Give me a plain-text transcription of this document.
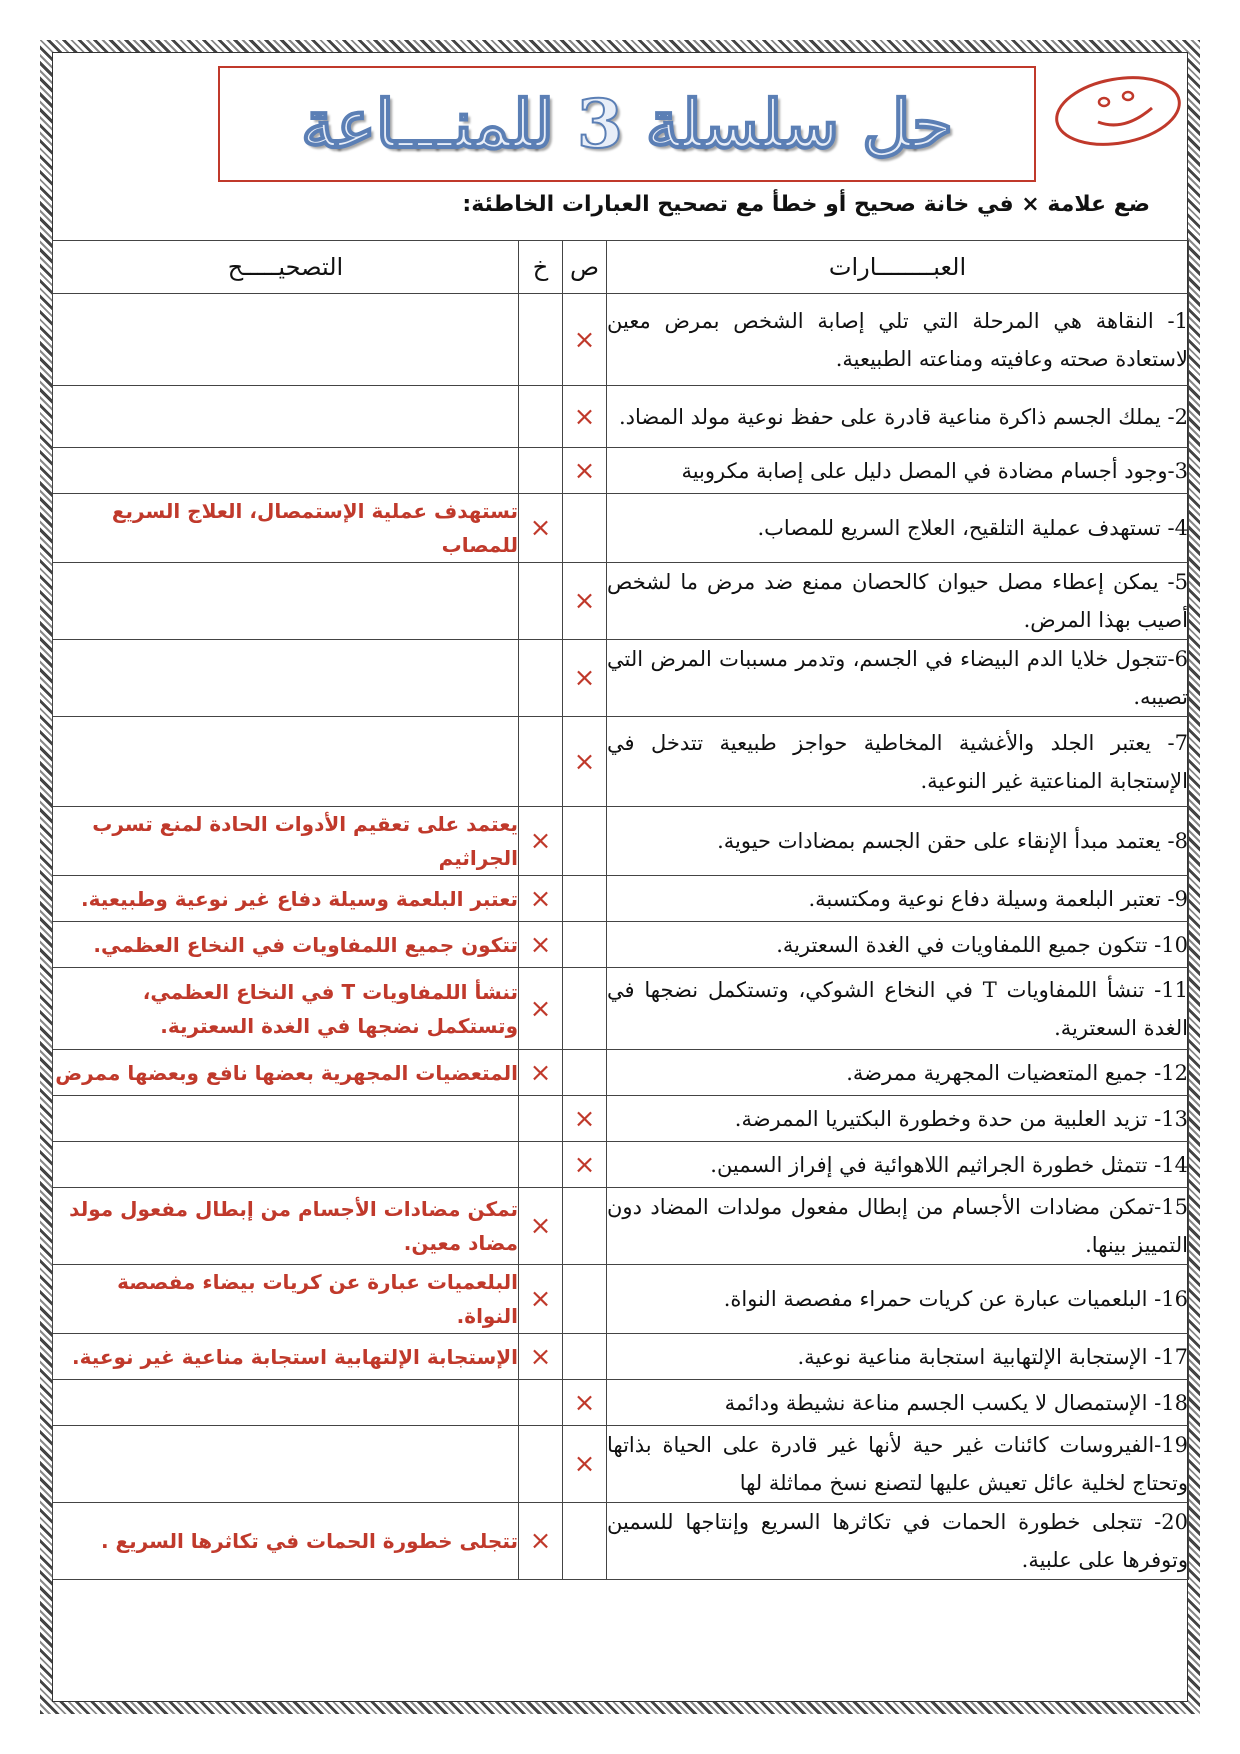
حل سلسلة 3 للمنـــاعة
ضع علامة × في خانة صحيح أو خطأ مع تصحيح العبارات الخاطئة:
العبــــــــارات	ص	خ	التصحيـــــح
1- النقاهة هي المرحلة التي تلي إصابة الشخص بمرض معين لاستعادة صحته وعافيته ومناعته الطبيعية.	×		
2- يملك الجسم ذاكرة مناعية قادرة على حفظ نوعية مولد المضاد.	×		
3-وجود أجسام مضادة في المصل دليل على إصابة مكروبية	×		
4- تستهدف عملية التلقيح، العلاج السريع للمصاب.		×	تستهدف عملية الإستمصال، العلاج السريع للمصاب
5- يمكن إعطاء مصل حيوان كالحصان ممنع ضد مرض ما لشخص أصيب بهذا المرض.	×		
6-تتجول خلايا الدم البيضاء في الجسم، وتدمر مسببات المرض التي تصيبه.	×		
7- يعتبر الجلد والأغشية المخاطية حواجز طبيعية تتدخل في الإستجابة المناعتية غير النوعية.	×		
8- يعتمد مبدأ الإنقاء على حقن الجسم بمضادات حيوية.		×	يعتمد على تعقيم الأدوات الحادة لمنع تسرب الجراثيم
9- تعتبر البلعمة وسيلة دفاع نوعية ومكتسبة.		×	تعتبر البلعمة وسيلة دفاع غير نوعية وطبيعية.
10- تتكون جميع اللمفاويات في الغدة السعترية.		×	تتكون جميع اللمفاويات في النخاع العظمي.
11- تنشأ اللمفاويات T في النخاع الشوكي، وتستكمل نضجها في الغدة السعترية.		×	تنشأ اللمفاويات T في النخاع العظمي، وتستكمل نضجها في الغدة السعترية.
12- جميع المتعضيات المجهرية ممرضة.		×	المتعضيات المجهرية بعضها نافع وبعضها ممرض
13- تزيد العلبية من حدة وخطورة البكتيريا الممرضة.	×		
14- تتمثل خطورة الجراثيم اللاهوائية في إفراز السمين.	×		
15-تمكن مضادات الأجسام من إبطال مفعول مولدات المضاد دون التمييز بينها.		×	تمكن مضادات الأجسام من إبطال مفعول مولد مضاد معين.
16- البلعميات عبارة عن كريات حمراء مفصصة النواة.		×	البلعميات عبارة عن كريات بيضاء مفصصة النواة.
17- الإستجابة الإلتهابية استجابة مناعية نوعية.		×	الإستجابة الإلتهابية استجابة مناعية غير نوعية.
18- الإستمصال لا يكسب الجسم مناعة نشيطة ودائمة	×		
19-الفيروسات كائنات غير حية لأنها غير قادرة على الحياة بذاتها وتحتاج لخلية عائل تعيش عليها لتصنع نسخ مماثلة لها	×		
20- تتجلى خطورة الحمات في تكاثرها السريع وإنتاجها للسمين وتوفرها على علبية.		×	تتجلى خطورة الحمات في تكاثرها السريع .
